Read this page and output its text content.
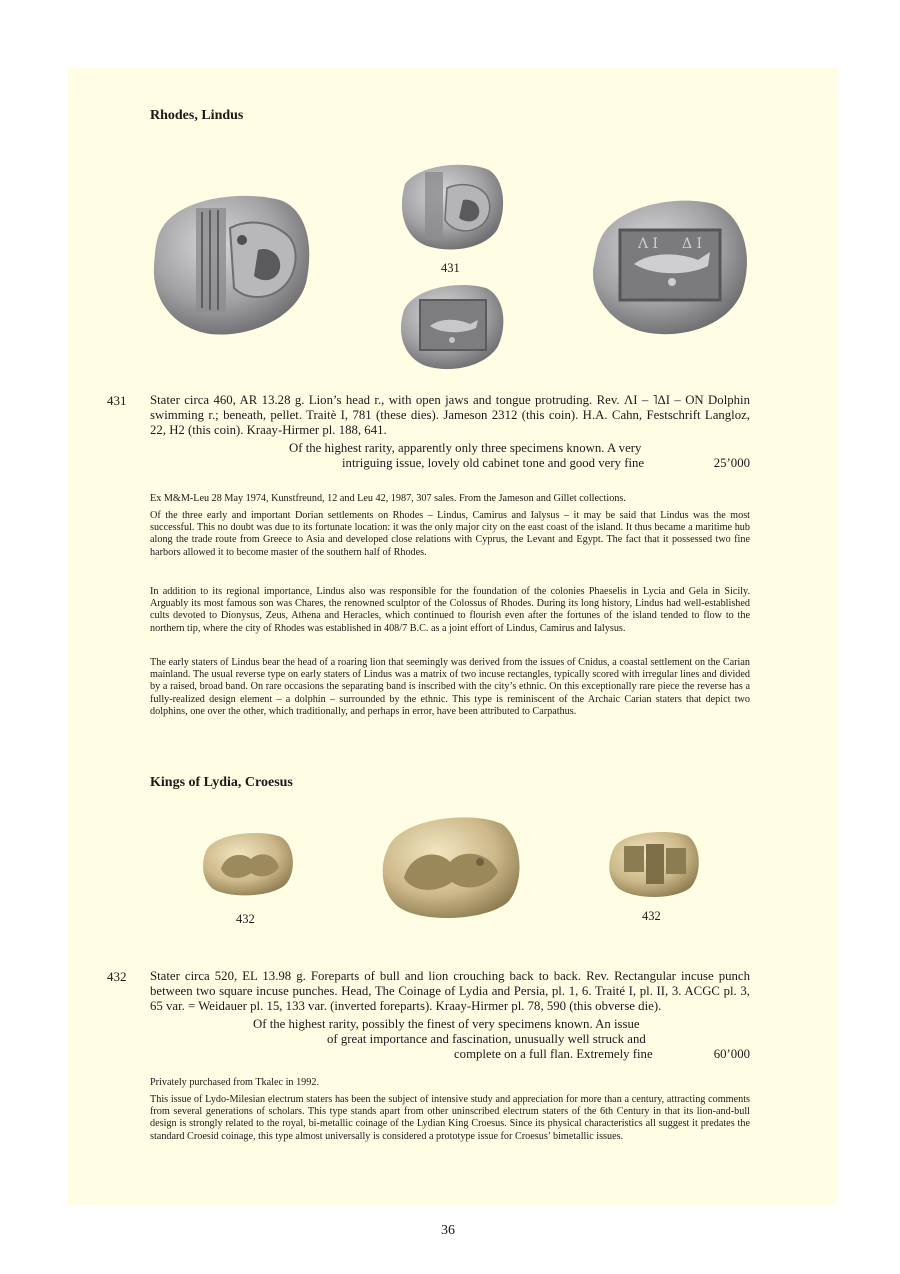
Rhodes, Lindus
431
Λ Ι Δ Ι
431 Stater circa 460, AR 13.28 g. Lion’s head r., with open jaws and tongue protruding. Rev. ΛΙ – ˥ΔΙ – ΟΝ Dolphin swimming r.; beneath, pellet. Traitè I, 781 (these dies). Jameson 2312 (this coin). H.A. Cahn, Festschrift Langloz, 22, H2 (this coin). Kraay-Hirmer pl. 188, 641.
Of the highest rarity, apparently only three specimens known. A very
intriguing issue, lovely old cabinet tone and good very fine	25’000
Ex M&M-Leu 28 May 1974, Kunstfreund, 12 and Leu 42, 1987, 307 sales. From the Jameson and Gillet collections.
Of the three early and important Dorian settlements on Rhodes – Lindus, Camirus and Ialysus – it may be said that Lindus was the most successful. This no doubt was due to its fortunate location: it was the only major city on the east coast of the island. It thus became a maritime hub along the trade route from Greece to Asia and developed close relations with Cyprus, the Levant and Egypt. The fact that it possessed two fine harbors allowed it to become master of the southern half of Rhodes.
In addition to its regional importance, Lindus also was responsible for the foundation of the colonies Phaeselis in Lycia and Gela in Sicily. Arguably its most famous son was Chares, the renowned sculptor of the Colossus of Rhodes. During its long history, Lindus had well-established cults devoted to Dionysus, Zeus, Athena and Heracles, which continued to flourish even after the fortunes of the island tended to flow to the northern tip, where the city of Rhodes was established in 408/7 B.C. as a joint effort of Lindus, Camirus and Ialysus.
The early staters of Lindus bear the head of a roaring lion that seemingly was derived from the issues of Cnidus, a coastal settlement on the Carian mainland. The usual reverse type on early staters of Lindus was a matrix of two incuse rectangles, typically scored with irregular lines and divided by a raised, broad band. On rare occasions the separating band is inscribed with the city’s ethnic. On this exceptionally rare piece the reverse has a fully-realized design element – a dolphin – surrounded by the ethnic. This type is reminiscent of the Archaic Carian staters that depict two dolphins, one over the other, which traditionally, and perhaps in error, have been attributed to Carpathus.
Kings of Lydia, Croesus
432	432
432 Stater circa 520, EL 13.98 g. Foreparts of bull and lion crouching back to back. Rev. Rectangular incuse punch between two square incuse punches. Head, The Coinage of Lydia and Persia, pl. 1, 6. Traité I, pl. II, 3. ACGC pl. 3, 65 var. = Weidauer pl. 15, 133 var. (inverted foreparts). Kraay-Hirmer pl. 78, 590 (this obverse die).
Of the highest rarity, possibly the finest of very specimens known. An issue
of great importance and fascination, unusually well struck and
complete on a full flan. Extremely fine	60’000
Privately purchased from Tkalec in 1992.
This issue of Lydo-Milesian electrum staters has been the subject of intensive study and appreciation for more than a century, attracting comments from several generations of scholars. This type stands apart from other uninscribed electrum staters of the 6th Century in that its lion-and-bull design is strongly related to the royal, bi-metallic coinage of the Lydian King Croesus. Since its physical characteristics all suggest it predates the standard Croesid coinage, this type almost universally is considered a prototype issue for Croesus’ bimetallic issues.
36
